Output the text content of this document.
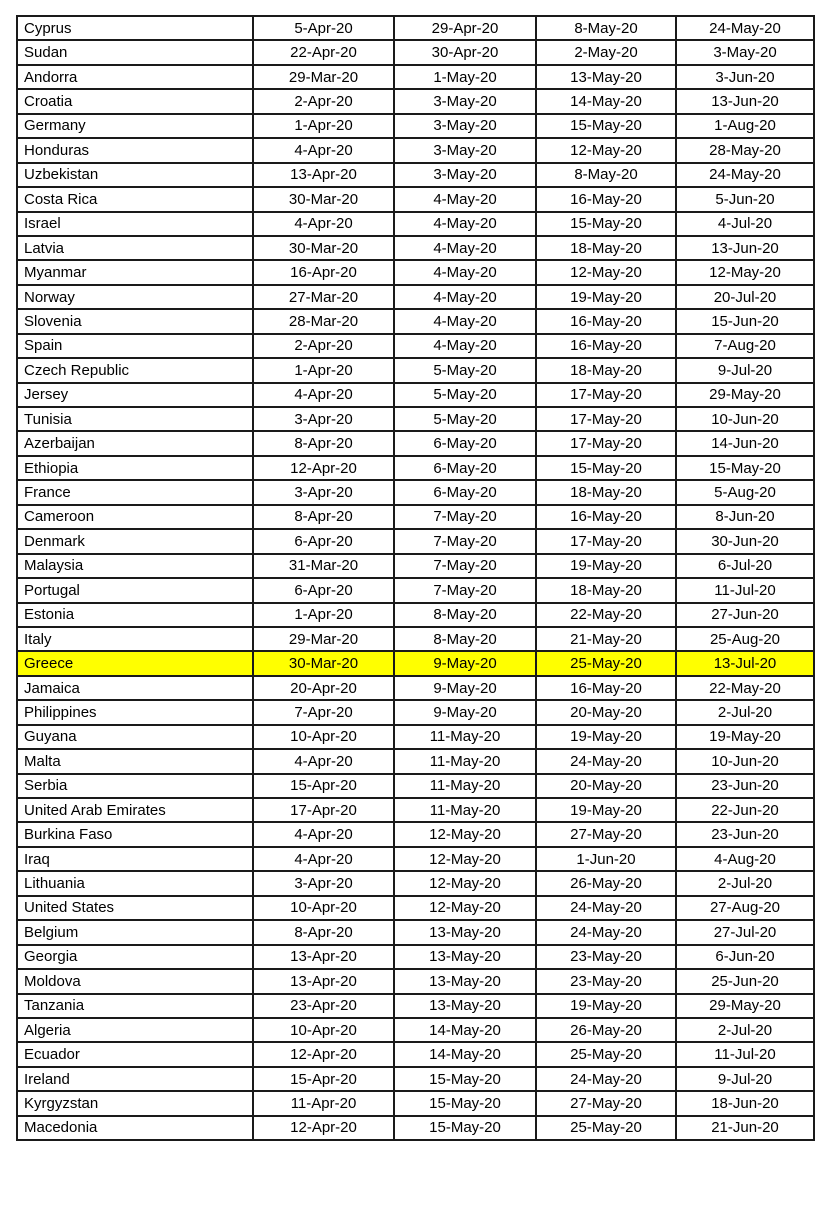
Cyprus	5-Apr-20	29-Apr-20	8-May-20	24-May-20
Sudan	22-Apr-20	30-Apr-20	2-May-20	3-May-20
Andorra	29-Mar-20	1-May-20	13-May-20	3-Jun-20
Croatia	2-Apr-20	3-May-20	14-May-20	13-Jun-20
Germany	1-Apr-20	3-May-20	15-May-20	1-Aug-20
Honduras	4-Apr-20	3-May-20	12-May-20	28-May-20
Uzbekistan	13-Apr-20	3-May-20	8-May-20	24-May-20
Costa Rica	30-Mar-20	4-May-20	16-May-20	5-Jun-20
Israel	4-Apr-20	4-May-20	15-May-20	4-Jul-20
Latvia	30-Mar-20	4-May-20	18-May-20	13-Jun-20
Myanmar	16-Apr-20	4-May-20	12-May-20	12-May-20
Norway	27-Mar-20	4-May-20	19-May-20	20-Jul-20
Slovenia	28-Mar-20	4-May-20	16-May-20	15-Jun-20
Spain	2-Apr-20	4-May-20	16-May-20	7-Aug-20
Czech Republic	1-Apr-20	5-May-20	18-May-20	9-Jul-20
Jersey	4-Apr-20	5-May-20	17-May-20	29-May-20
Tunisia	3-Apr-20	5-May-20	17-May-20	10-Jun-20
Azerbaijan	8-Apr-20	6-May-20	17-May-20	14-Jun-20
Ethiopia	12-Apr-20	6-May-20	15-May-20	15-May-20
France	3-Apr-20	6-May-20	18-May-20	5-Aug-20
Cameroon	8-Apr-20	7-May-20	16-May-20	8-Jun-20
Denmark	6-Apr-20	7-May-20	17-May-20	30-Jun-20
Malaysia	31-Mar-20	7-May-20	19-May-20	6-Jul-20
Portugal	6-Apr-20	7-May-20	18-May-20	11-Jul-20
Estonia	1-Apr-20	8-May-20	22-May-20	27-Jun-20
Italy	29-Mar-20	8-May-20	21-May-20	25-Aug-20
Greece	30-Mar-20	9-May-20	25-May-20	13-Jul-20
Jamaica	20-Apr-20	9-May-20	16-May-20	22-May-20
Philippines	7-Apr-20	9-May-20	20-May-20	2-Jul-20
Guyana	10-Apr-20	11-May-20	19-May-20	19-May-20
Malta	4-Apr-20	11-May-20	24-May-20	10-Jun-20
Serbia	15-Apr-20	11-May-20	20-May-20	23-Jun-20
United Arab Emirates	17-Apr-20	11-May-20	19-May-20	22-Jun-20
Burkina Faso	4-Apr-20	12-May-20	27-May-20	23-Jun-20
Iraq	4-Apr-20	12-May-20	1-Jun-20	4-Aug-20
Lithuania	3-Apr-20	12-May-20	26-May-20	2-Jul-20
United States	10-Apr-20	12-May-20	24-May-20	27-Aug-20
Belgium	8-Apr-20	13-May-20	24-May-20	27-Jul-20
Georgia	13-Apr-20	13-May-20	23-May-20	6-Jun-20
Moldova	13-Apr-20	13-May-20	23-May-20	25-Jun-20
Tanzania	23-Apr-20	13-May-20	19-May-20	29-May-20
Algeria	10-Apr-20	14-May-20	26-May-20	2-Jul-20
Ecuador	12-Apr-20	14-May-20	25-May-20	11-Jul-20
Ireland	15-Apr-20	15-May-20	24-May-20	9-Jul-20
Kyrgyzstan	11-Apr-20	15-May-20	27-May-20	18-Jun-20
Macedonia	12-Apr-20	15-May-20	25-May-20	21-Jun-20
